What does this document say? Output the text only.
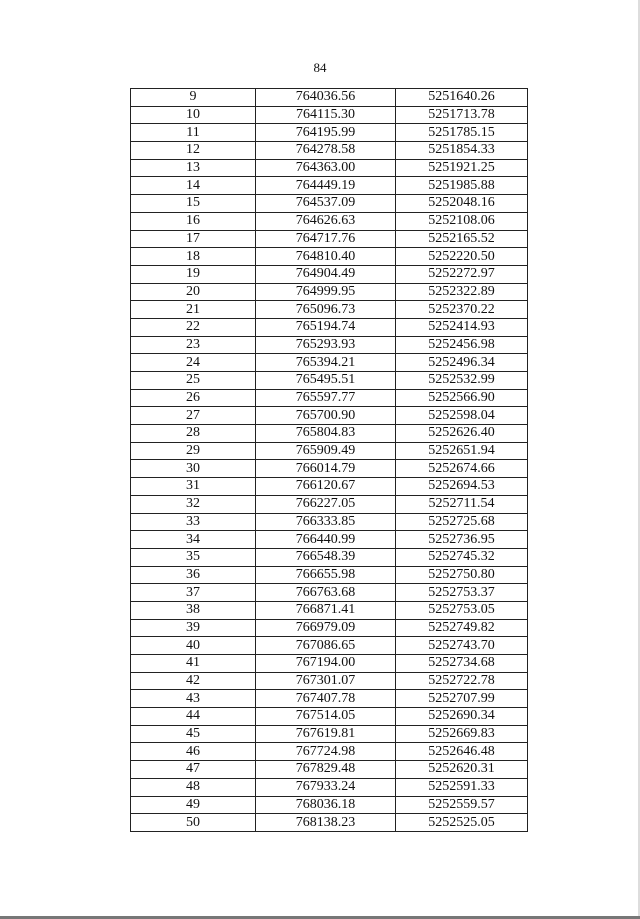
84
9	764036.56	5251640.26
10	764115.30	5251713.78
11	764195.99	5251785.15
12	764278.58	5251854.33
13	764363.00	5251921.25
14	764449.19	5251985.88
15	764537.09	5252048.16
16	764626.63	5252108.06
17	764717.76	5252165.52
18	764810.40	5252220.50
19	764904.49	5252272.97
20	764999.95	5252322.89
21	765096.73	5252370.22
22	765194.74	5252414.93
23	765293.93	5252456.98
24	765394.21	5252496.34
25	765495.51	5252532.99
26	765597.77	5252566.90
27	765700.90	5252598.04
28	765804.83	5252626.40
29	765909.49	5252651.94
30	766014.79	5252674.66
31	766120.67	5252694.53
32	766227.05	5252711.54
33	766333.85	5252725.68
34	766440.99	5252736.95
35	766548.39	5252745.32
36	766655.98	5252750.80
37	766763.68	5252753.37
38	766871.41	5252753.05
39	766979.09	5252749.82
40	767086.65	5252743.70
41	767194.00	5252734.68
42	767301.07	5252722.78
43	767407.78	5252707.99
44	767514.05	5252690.34
45	767619.81	5252669.83
46	767724.98	5252646.48
47	767829.48	5252620.31
48	767933.24	5252591.33
49	768036.18	5252559.57
50	768138.23	5252525.05
